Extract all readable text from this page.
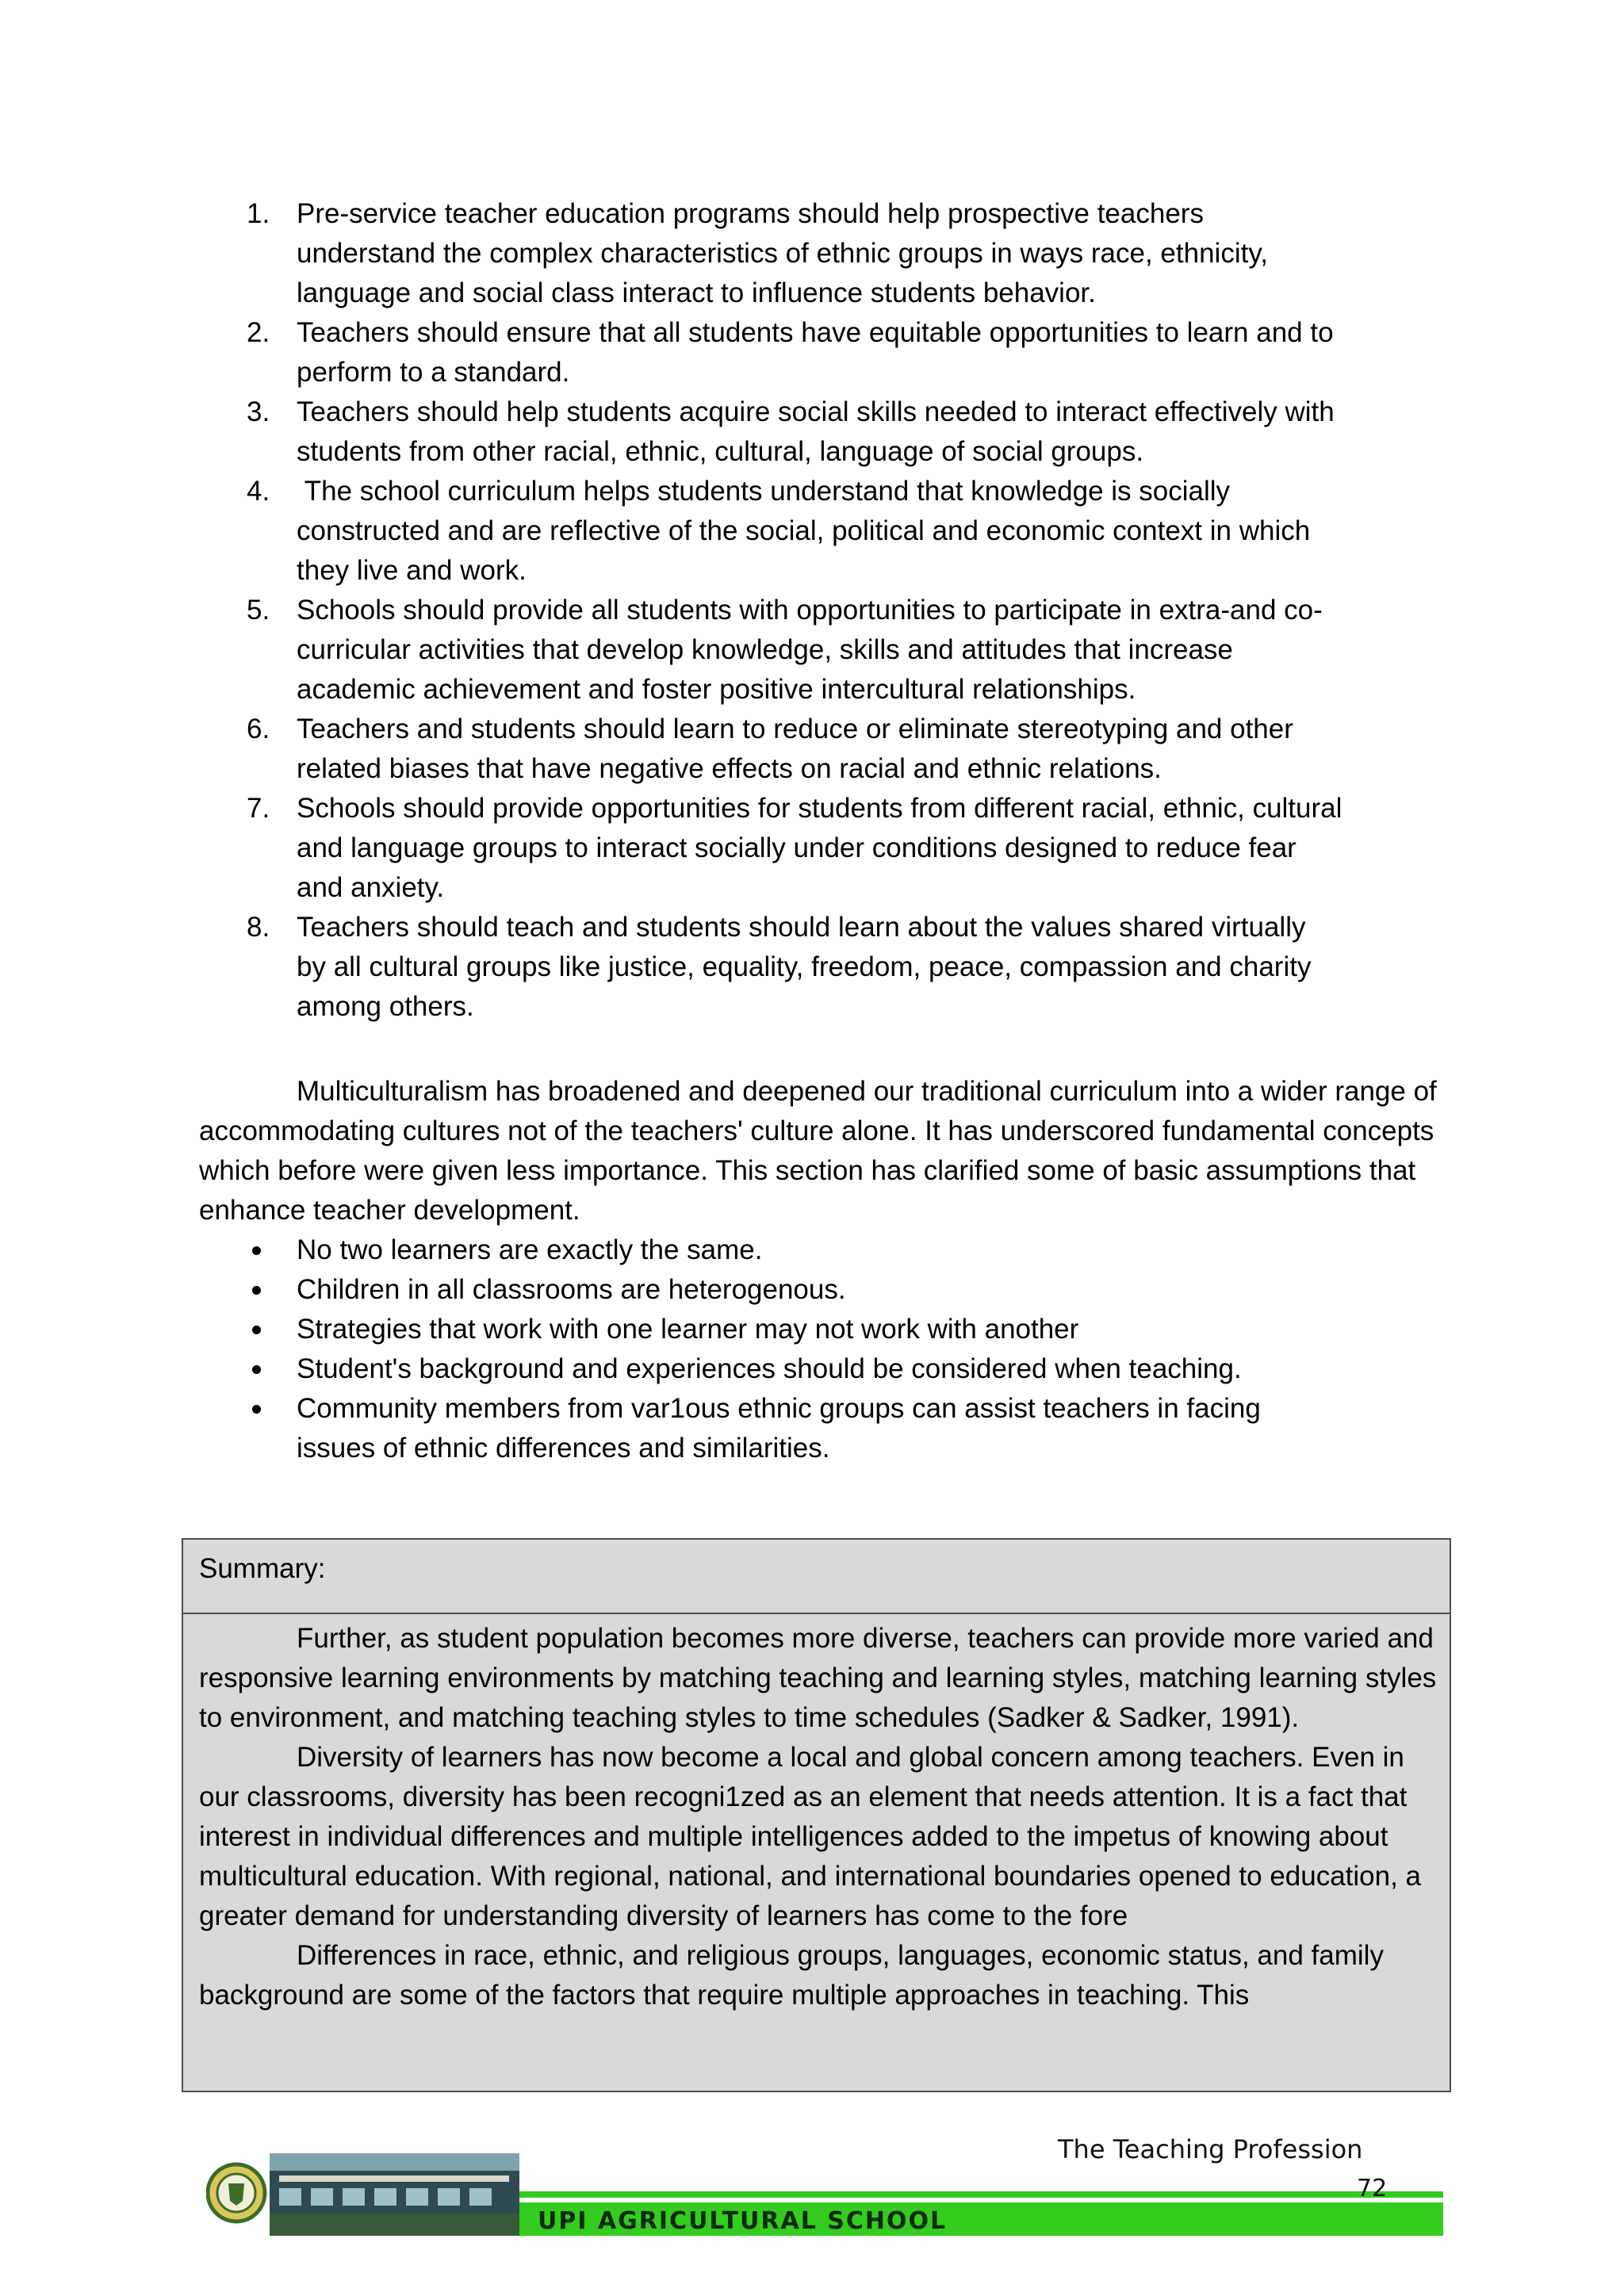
1. Pre-service teacher education programs should help prospective teachers
understand the complex characteristics of ethnic groups in ways race, ethnicity,
language and social class interact to influence students behavior.
2. Teachers should ensure that all students have equitable opportunities to learn and to
perform to a standard.
3. Teachers should help students acquire social skills needed to interact effectively with
students from other racial, ethnic, cultural, language of social groups.
4. The school curriculum helps students understand that knowledge is socially
constructed and are reflective of the social, political and economic context in which
they live and work.
5. Schools should provide all students with opportunities to participate in extra-and co-
curricular activities that develop knowledge, skills and attitudes that increase
academic achievement and foster positive intercultural relationships.
6. Teachers and students should learn to reduce or eliminate stereotyping and other
related biases that have negative effects on racial and ethnic relations.
7. Schools should provide opportunities for students from different racial, ethnic, cultural
and language groups to interact socially under conditions designed to reduce fear
and anxiety.
8. Teachers should teach and students should learn about the values shared virtually
by all cultural groups like justice, equality, freedom, peace, compassion and charity
among others.

Multiculturalism has broadened and deepened our traditional curriculum into a wider range of accommodating cultures not of the teachers' culture alone. It has underscored fundamental concepts which before were given less importance. This section has clarified some of basic assumptions that enhance teacher development.

No two learners are exactly the same.
Children in all classrooms are heterogenous.
Strategies that work with one learner may not work with another
Student's background and experiences should be considered when teaching.
Community members from var1ous ethnic groups can assist teachers in facing
issues of ethnic differences and similarities.
Summary:

Further, as student population becomes more diverse, teachers can provide more varied and responsive learning environments by matching teaching and learning styles, matching learning styles to environment, and matching teaching styles to time schedules (Sadker & Sadker, 1991).

Diversity of learners has now become a local and global concern among teachers. Even in our classrooms, diversity has been recogni1zed as an element that needs attention. It is a fact that interest in individual differences and multiple intelligences added to the impetus of knowing about multicultural education. With regional, national, and international boundaries opened to education, a greater demand for understanding diversity of learners has come to the fore

Differences in race, ethnic, and religious groups, languages, economic status, and family background are some of the factors that require multiple approaches in teaching. This

UPI AGRICULTURAL SCHOOL
The Teaching Profession
72
